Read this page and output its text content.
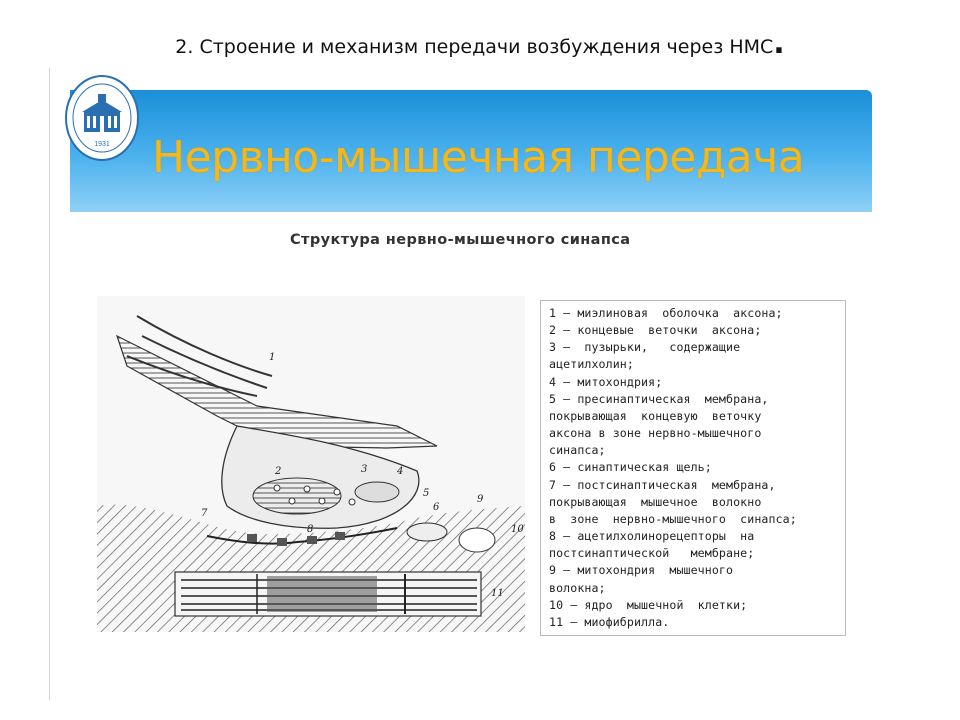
2. Строение и механизм передачи возбуждения через НМС.
1931 Нервно-мышечная передача
Структура нервно-мышечного синапса
1
2	3	4
5
6
7
8
9
10
11
1 — миэлиновая  оболочка  аксона;
2 — концевые  веточки  аксона;
3 —  пузырьки,   содержащие
ацетилхолин;
4 — митохондрия;
5 — пресинаптическая  мембрана,
покрывающая  концевую  веточку
аксона в зоне нервно-мышечного
синапса;
6 — синаптическая щель;
7 — постсинаптическая  мембрана,
покрывающая  мышечное  волокно
в  зоне  нервно-мышечного  синапса;
8 — ацетилхолинорецепторы  на
постсинаптической   мембране;
9 — митохондрия  мышечного
волокна;
10 — ядро  мышечной  клетки;
11 — миофибрилла.
